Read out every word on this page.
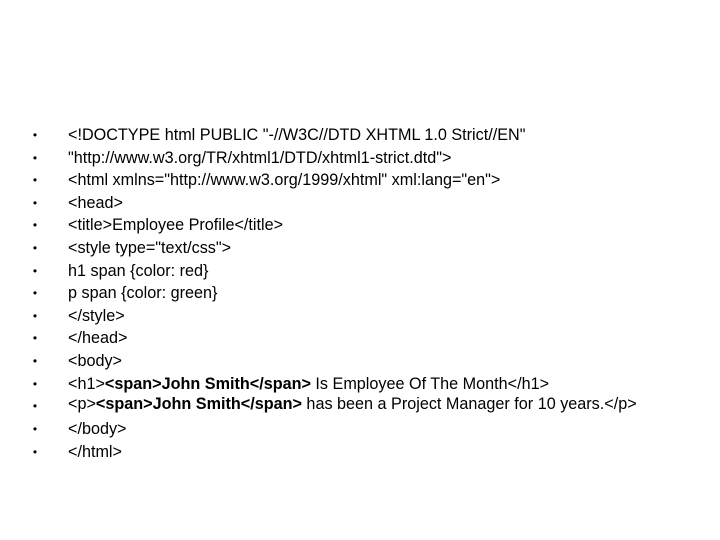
• <!DOCTYPE html PUBLIC "-//W3C//DTD XHTML 1.0 Strict//EN"
• "http://www.w3.org/TR/xhtml1/DTD/xhtml1-strict.dtd">
• <html xmlns="http://www.w3.org/1999/xhtml" xml:lang="en">
• <head>
• <title>Employee Profile</title>
• <style type="text/css">
• h1 span {color: red}
• p span {color: green}
• </style>
• </head>
• <body>
• <h1><span>John Smith</span> Is Employee Of The Month</h1>
• <p><span>John Smith</span> has been a Project Manager for 10 years.</p>
• </body>
• </html>
